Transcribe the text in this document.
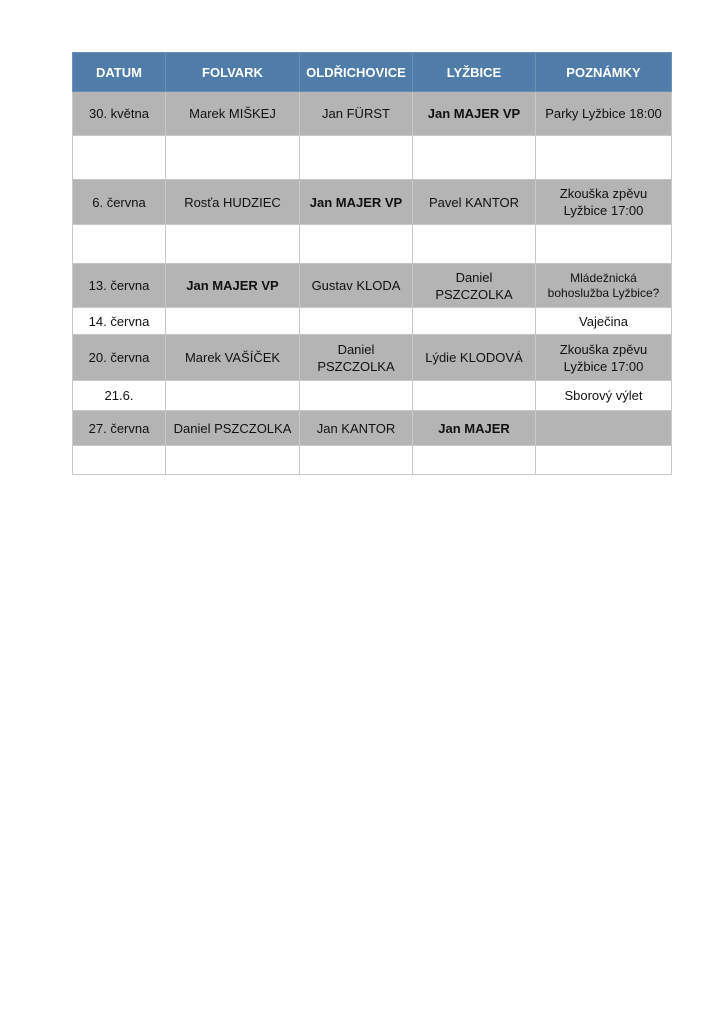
DATUM	FOLVARK	OLDŘICHOVICE	LYŽBICE	POZNÁMKY
30. května	Marek MIŠKEJ	Jan FÜRST	Jan MAJER VP	Parky Lyžbice 18:00

6. června	Rosťa HUDZIEC	Jan MAJER VP	Pavel KANTOR	Zkouška zpěvu Lyžbice 17:00

13. června	Jan MAJER VP	Gustav KLODA	Daniel PSZCZOLKA	Mládežnická bohoslužba Lyžbice?
14. června				Vaječina
20. června	Marek VAŠÍČEK	Daniel PSZCZOLKA	Lýdie KLODOVÁ	Zkouška zpěvu Lyžbice 17:00
21.6.				Sborový výlet
27. června	Daniel PSZCZOLKA	Jan KANTOR	Jan MAJER	
